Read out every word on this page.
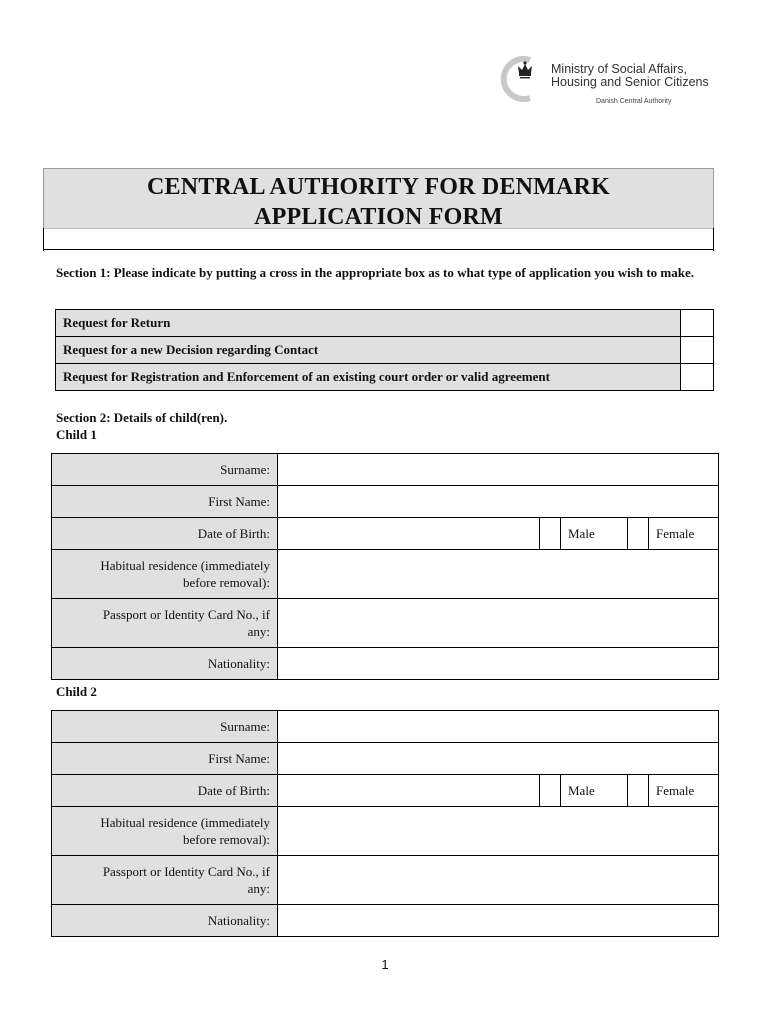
Ministry of Social Affairs,
Housing and Senior Citizens
Danish Central Authority
CENTRAL AUTHORITY FOR DENMARK
APPLICATION FORM
Section 1: Please indicate by putting a cross in the appropriate box as to what type of application you wish to make.
Request for Return	
Request for a new Decision regarding Contact	
Request for Registration and Enforcement of an existing court order or valid agreement	
Section 2: Details of child(ren).
Child 1
Surname:					
First Name:					
Date of Birth:			Male		Female

Habitual residence (immediately
before removal):					

Passport or Identity Card No., if
any:					

Nationality:					
Child 2
Surname:					
First Name:					
Date of Birth:			Male		Female

Habitual residence (immediately
before removal):					

Passport or Identity Card No., if
any:					

Nationality:					
1
